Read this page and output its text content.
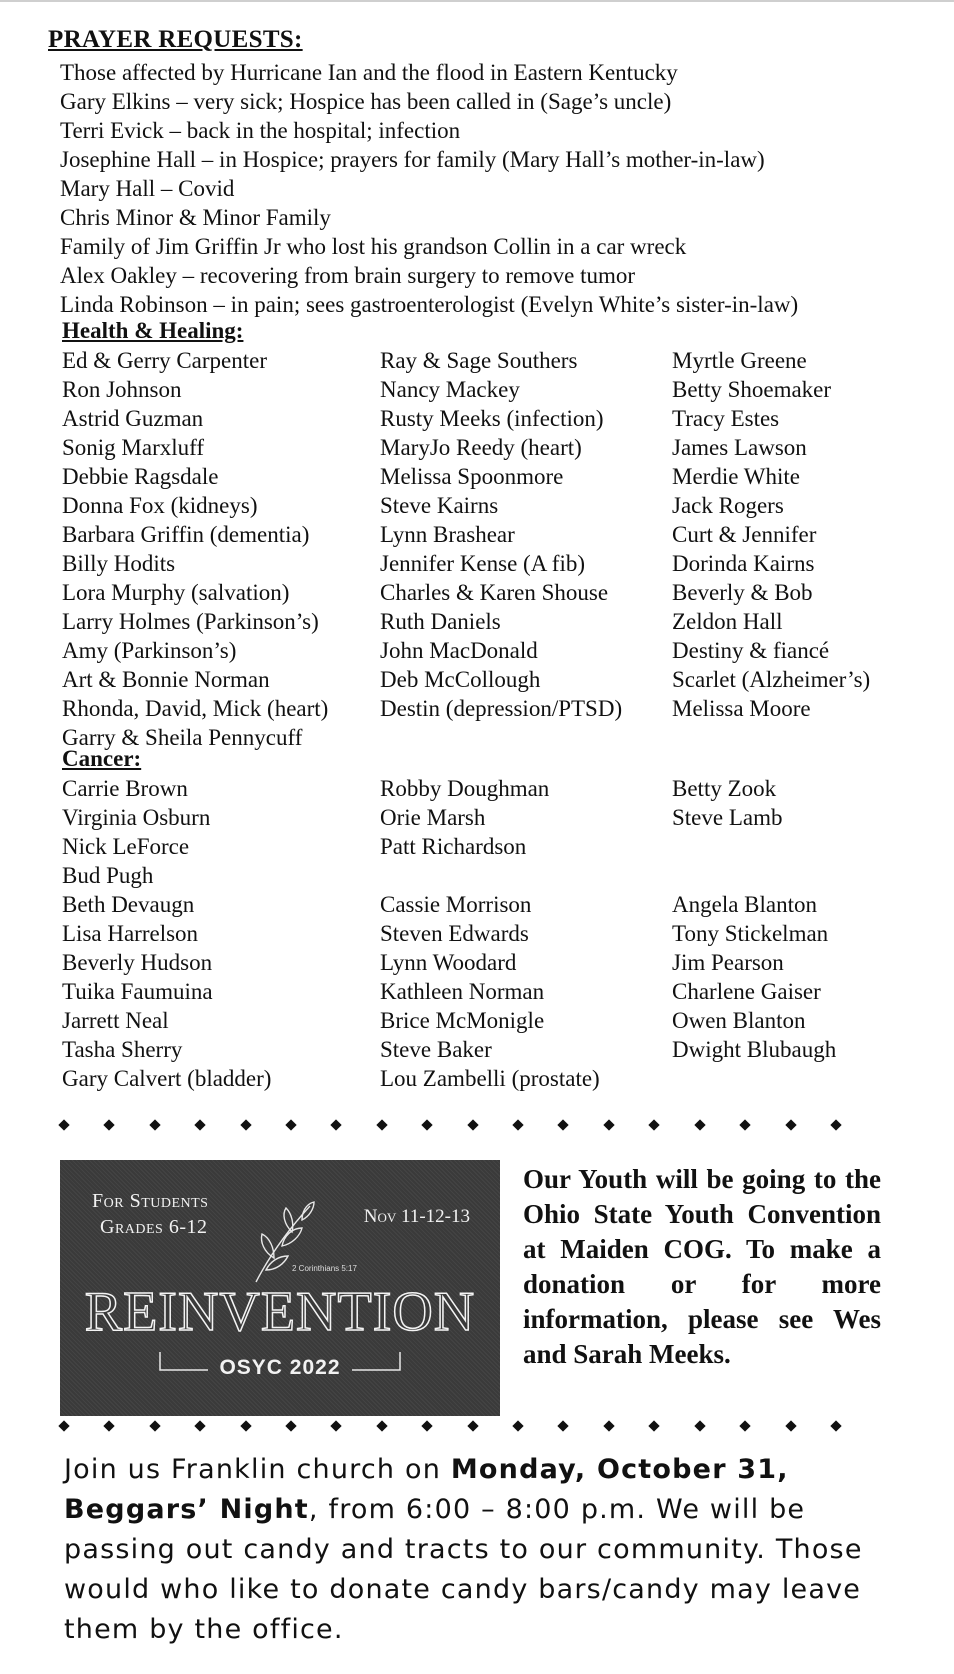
PRAYER REQUESTS:
Those affected by Hurricane Ian and the flood in Eastern Kentucky
Gary Elkins – very sick; Hospice has been called in (Sage’s uncle)
Terri Evick – back in the hospital; infection
Josephine Hall – in Hospice; prayers for family (Mary Hall’s mother-in-law)
Mary Hall – Covid
Chris Minor & Minor Family
Family of Jim Griffin Jr who lost his grandson Collin in a car wreck
Alex Oakley – recovering from brain surgery to remove tumor
Linda Robinson – in pain; sees gastroenterologist (Evelyn White’s sister-in-law)
Health & Healing:
Ed & Gerry Carpenter
Ron Johnson
Astrid Guzman
Sonig Marxluff
Debbie Ragsdale
Donna Fox (kidneys)
Barbara Griffin (dementia)
Billy Hodits
Lora Murphy (salvation)
Larry Holmes (Parkinson’s)
Amy (Parkinson’s)
Art & Bonnie Norman
Rhonda, David, Mick (heart)
Garry & Sheila Pennycuff
Ray & Sage Southers
Nancy Mackey
Rusty Meeks (infection)
MaryJo Reedy (heart)
Melissa Spoonmore
Steve Kairns
Lynn Brashear
Jennifer Kense (A fib)
Charles & Karen Shouse
Ruth Daniels
John MacDonald
Deb McCollough
Destin (depression/PTSD)
Myrtle Greene
Betty Shoemaker
Tracy Estes
James Lawson
Merdie White
Jack Rogers
Curt & Jennifer
Dorinda Kairns
Beverly & Bob
Zeldon Hall
Destiny & fiancé
Scarlet (Alzheimer’s)
Melissa Moore
Cancer:
Carrie Brown
Virginia Osburn
Nick LeForce
Bud Pugh
Robby Doughman
Orie Marsh
Patt Richardson
Betty Zook
Steve Lamb
Beth Devaugn
Lisa Harrelson
Beverly Hudson
Tuika Faumuina
Jarrett Neal
Tasha Sherry
Gary Calvert (bladder)
Cassie Morrison
Steven Edwards
Lynn Woodard
Kathleen Norman
Brice McMonigle
Steve Baker
Lou Zambelli (prostate)
Angela Blanton
Tony Stickelman
Jim Pearson
Charlene Gaiser
Owen Blanton
Dwight Blubaugh
For Students
Grades 6-12	Nov 11-12-13
2 Corinthians 5:17
REINVENTION
OSYC 2022
Our Youth will be going to the Ohio State Youth Convention at Maiden COG. To make a donation or for more information, please see Wes and Sarah Meeks.
Join us Franklin church on Monday, October 31, Beggars’ Night, from 6:00 – 8:00 p.m. We will be passing out candy and tracts to our community. Those would who like to donate candy bars/candy may leave them by the office.
